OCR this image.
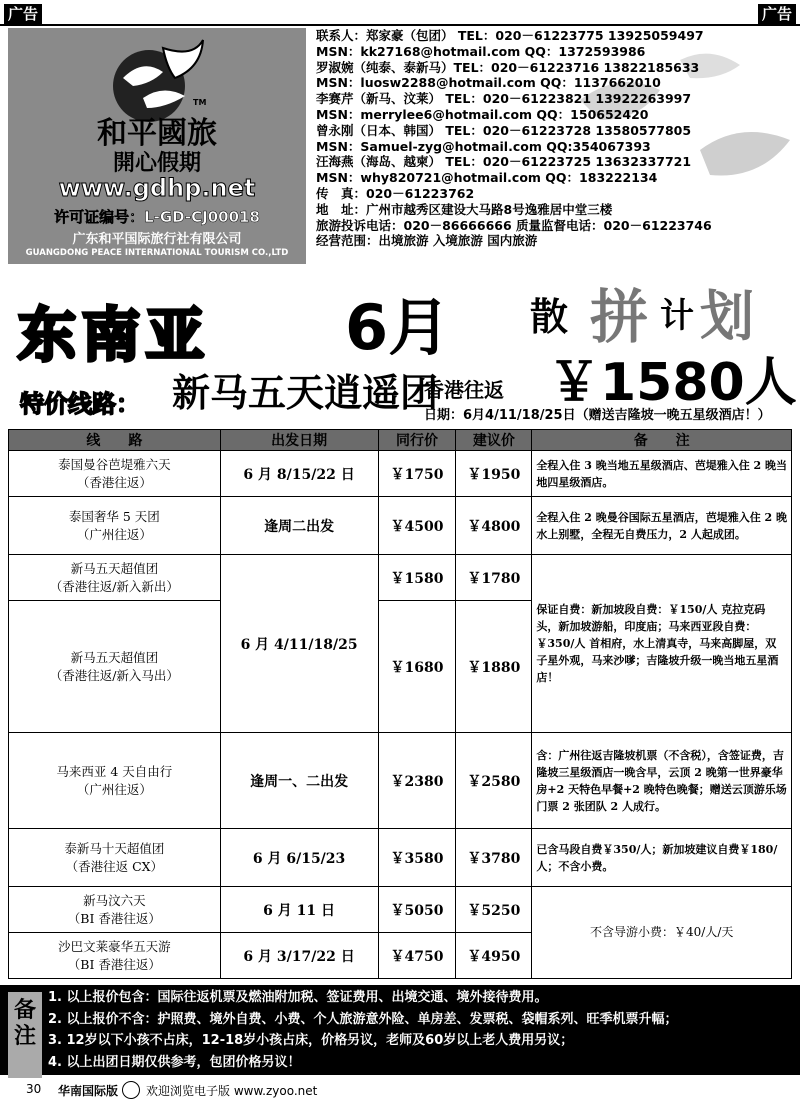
广告	广告
TM
和平國旅
開心假期
www.gdhp.net
许可证编号：L-GD-CJ00018
广东和平国际旅行社有限公司
GUANGDONG PEACE INTERNATIONAL TOURISM CO.,LTD
联系人：郑家豪（包团） TEL：020－61223775 13925059497
MSN：kk27168@hotmail.com QQ：1372593986
罗淑婉（纯泰、泰新马）TEL：020－61223716 13822185633
MSN：luosw2288@hotmail.com QQ：1137662010
李赛芹（新马、汶莱） TEL：020－61223821 13922263997
MSN：merrylee6@hotmail.com QQ：150652420
曾永刚（日本、韩国） TEL：020－61223728 13580577805
MSN：Samuel-zyg@hotmail.com QQ:354067393
汪海燕（海岛、越柬） TEL：020－61223725 13632337721
MSN：why820721@hotmail.com QQ：183222134
传　真：020－61223762
地　址：广州市越秀区建设大马路8号逸雅居中堂三楼
旅游投诉电话：020－86666666 质量监督电话：020－61223746
经营范围：出境旅游 入境旅游 国内旅游
东南亚 6月 散 拼 计 划
特价线路： 新马五天逍遥团
香港往返 ￥1580人
日期：6月4/11/18/25日（赠送吉隆坡一晚五星级酒店！）
线　　路	出发日期	同行价	建议价	备　　注

泰国曼谷芭堤雅六天
（香港往返）	6 月 8/15/22 日	￥1750	￥1950	全程入住 3 晚当地五星级酒店、芭堤雅入住 2 晚当地四星级酒店。

泰国奢华 5 天团
（广州往返）	逢周二出发	￥4500	￥4800	全程入住 2 晚曼谷国际五星酒店，芭堤雅入住 2 晚水上别墅，全程无自费压力，2 人起成团。

新马五天超值团
（香港往返/新入新出）	6 月 4/11/18/25	￥1580	￥1780	保证自费：新加坡段自费：￥150/人 克拉克码头，新加坡游船，印度庙；马来西亚段自费：￥350/人 首相府，水上清真寺，马来高脚屋，双子星外观，马来沙嗲；吉隆坡升级一晚当地五星酒店！

新马五天超值团
（香港往返/新入马出）		￥1680	￥1880	

马来西亚 4 天自由行
（广州往返）	逢周一、二出发	￥2380	￥2580	含：广州往返吉隆坡机票（不含税），含签证费，吉隆坡三星级酒店一晚含早，云顶 2 晚第一世界豪华房+2 天特色早餐+2 晚特色晚餐；赠送云顶游乐场门票 2 张团队 2 人成行。

泰新马十天超值团
（香港往返 CX）	6 月 6/15/23	￥3580	￥3780	已含马段自费￥350/人；新加坡建议自费￥180/人；不含小费。

新马汶六天
（BI 香港往返）	6 月 11 日	￥5050	￥5250	不含导游小费：￥40/人/天

沙巴文莱豪华五天游
（BI 香港往返）	6 月 3/17/22 日	￥4750	￥4950	
备注
1. 以上报价包含：国际往返机票及燃油附加税、签证费用、出境交通、境外接待费用。
2. 以上报价不含：护照费、境外自费、小费、个人旅游意外险、单房差、发票税、袋帽系列、旺季机票升幅；
3. 12岁以下小孩不占床，12-18岁小孩占床，价格另议，老师及60岁以上老人费用另议；
4. 以上出团日期仅供参考，包团价格另议！
30 华南国际版 欢迎浏览电子版 www.zyoo.net
